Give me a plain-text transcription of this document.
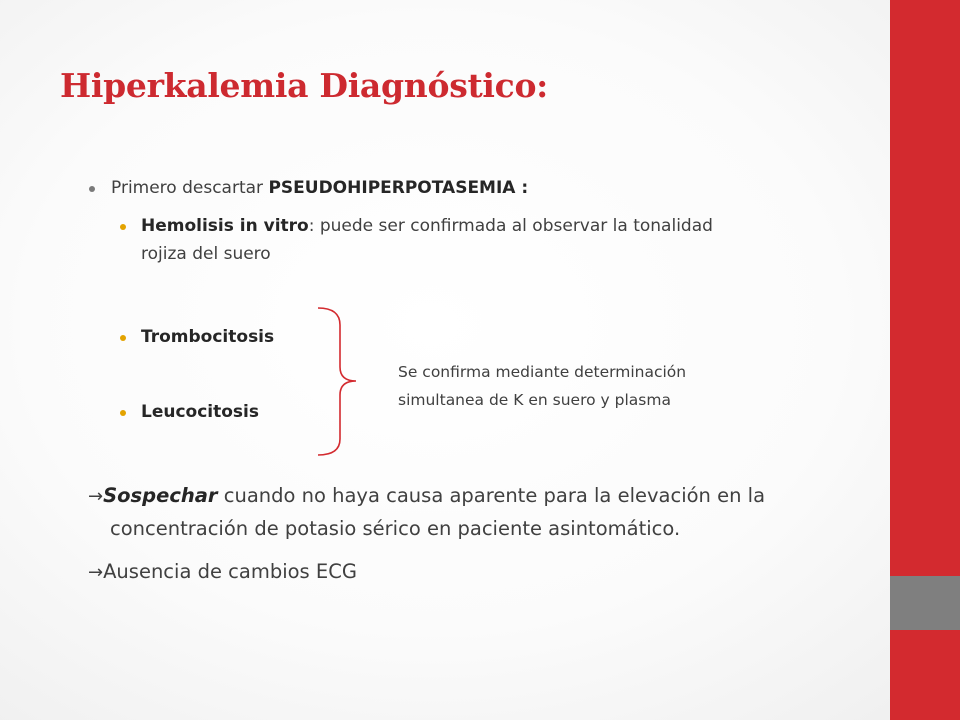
Hiperkalemia Diagnóstico:
Primero descartar PSEUDOHIPERPOTASEMIA :
Hemolisis in vitro: puede ser confirmada al observar la tonalidad
rojiza del suero
Trombocitosis
Leucocitosis
Se confirma mediante determinación
simultanea de K en suero y plasma
→Sospechar cuando no haya causa aparente para la elevación en la
concentración de potasio sérico en paciente asintomático.
→Ausencia de cambios ECG
